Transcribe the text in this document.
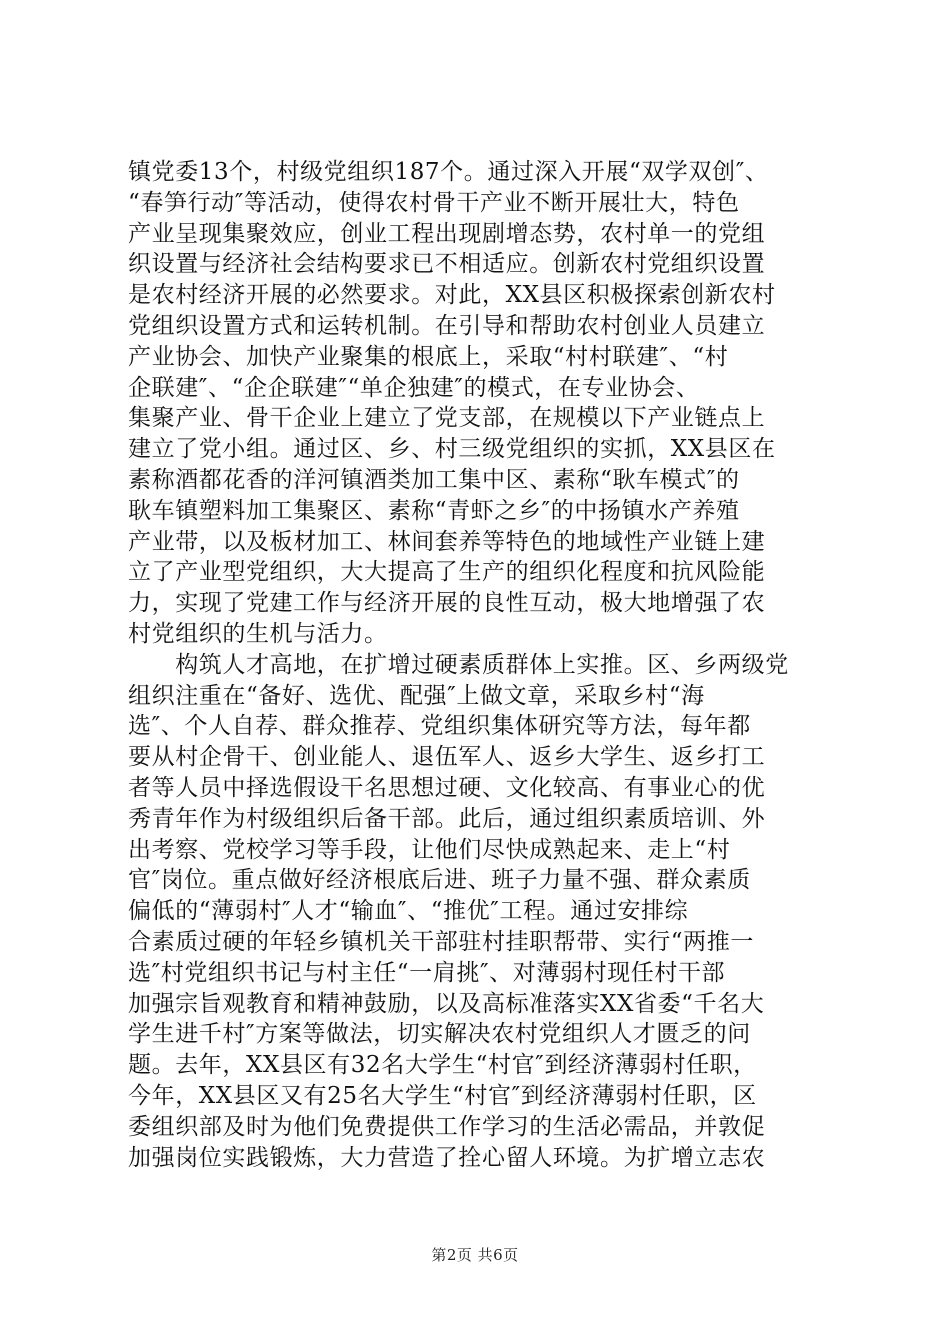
镇党委13个，村级党组织187个。通过深入开展“双学双创″、
“春笋行动″等活动，使得农村骨干产业不断开展壮大，特色
产业呈现集聚效应，创业工程出现剧增态势，农村单一的党组
织设置与经济社会结构要求已不相适应。创新农村党组织设置
是农村经济开展的必然要求。对此，XX县区积极探索创新农村
党组织设置方式和运转机制。在引导和帮助农村创业人员建立
产业协会、加快产业聚集的根底上，采取“村村联建″、“村
企联建″、“企企联建″“单企独建″的模式，在专业协会、
集聚产业、骨干企业上建立了党支部，在规模以下产业链点上
建立了党小组。通过区、乡、村三级党组织的实抓，XX县区在
素称酒都花香的洋河镇酒类加工集中区、素称“耿车模式″的
耿车镇塑料加工集聚区、素称“青虾之乡″的中扬镇水产养殖
产业带，以及板材加工、林间套养等特色的地域性产业链上建
立了产业型党组织，大大提高了生产的组织化程度和抗风险能
力，实现了党建工作与经济开展的良性互动，极大地增强了农
村党组织的生机与活力。
　　构筑人才高地，在扩增过硬素质群体上实推。区、乡两级党
组织注重在“备好、选优、配强″上做文章，采取乡村“海
选″、个人自荐、群众推荐、党组织集体研究等方法，每年都
要从村企骨干、创业能人、退伍军人、返乡大学生、返乡打工
者等人员中择选假设干名思想过硬、文化较高、有事业心的优
秀青年作为村级组织后备干部。此后，通过组织素质培训、外
出考察、党校学习等手段，让他们尽快成熟起来、走上“村
官″岗位。重点做好经济根底后进、班子力量不强、群众素质
偏低的“薄弱村″人才“输血″、“推优″工程。通过安排综
合素质过硬的年轻乡镇机关干部驻村挂职帮带、实行“两推一
选″村党组织书记与村主任“一肩挑″、对薄弱村现任村干部
加强宗旨观教育和精神鼓励，以及高标准落实XX省委“千名大
学生进千村″方案等做法，切实解决农村党组织人才匮乏的问
题。去年，XX县区有32名大学生“村官″到经济薄弱村任职，
今年，XX县区又有25名大学生“村官″到经济薄弱村任职，区
委组织部及时为他们免费提供工作学习的生活必需品，并敦促
加强岗位实践锻炼，大力营造了拴心留人环境。为扩增立志农
第2页 共6页
